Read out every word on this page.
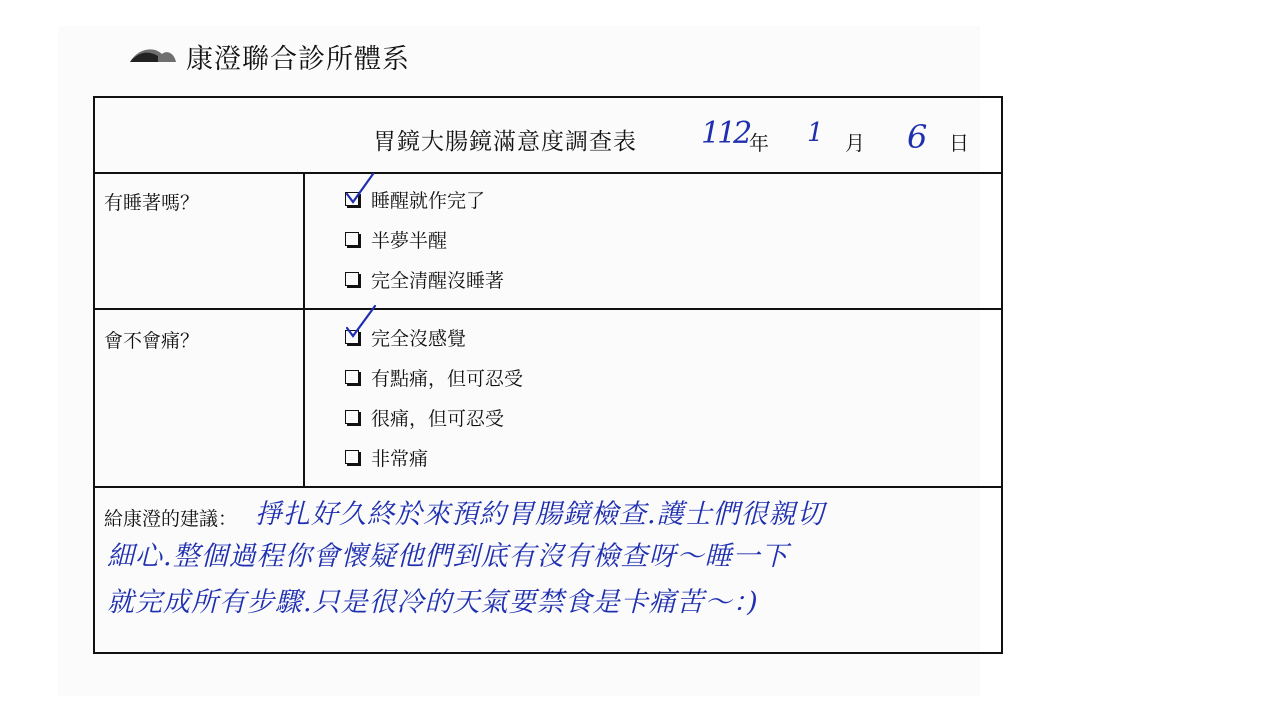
康澄聯合診所體系
胃鏡大腸鏡滿意度調查表 112 年 1 月 6 日
有睡著嗎？	睡醒就作完了
半夢半醒
完全清醒沒睡著
會不會痛？	完全沒感覺
有點痛，但可忍受
很痛，但可忍受
非常痛
給康澄的建議： 掙扎好久終於來預約胃腸鏡檢查.護士們很親切
細心.整個過程你會懷疑他們到底有沒有檢查呀～睡一下
就完成所有步驟.只是很冷的天氣要禁食是卡痛苦～：)
